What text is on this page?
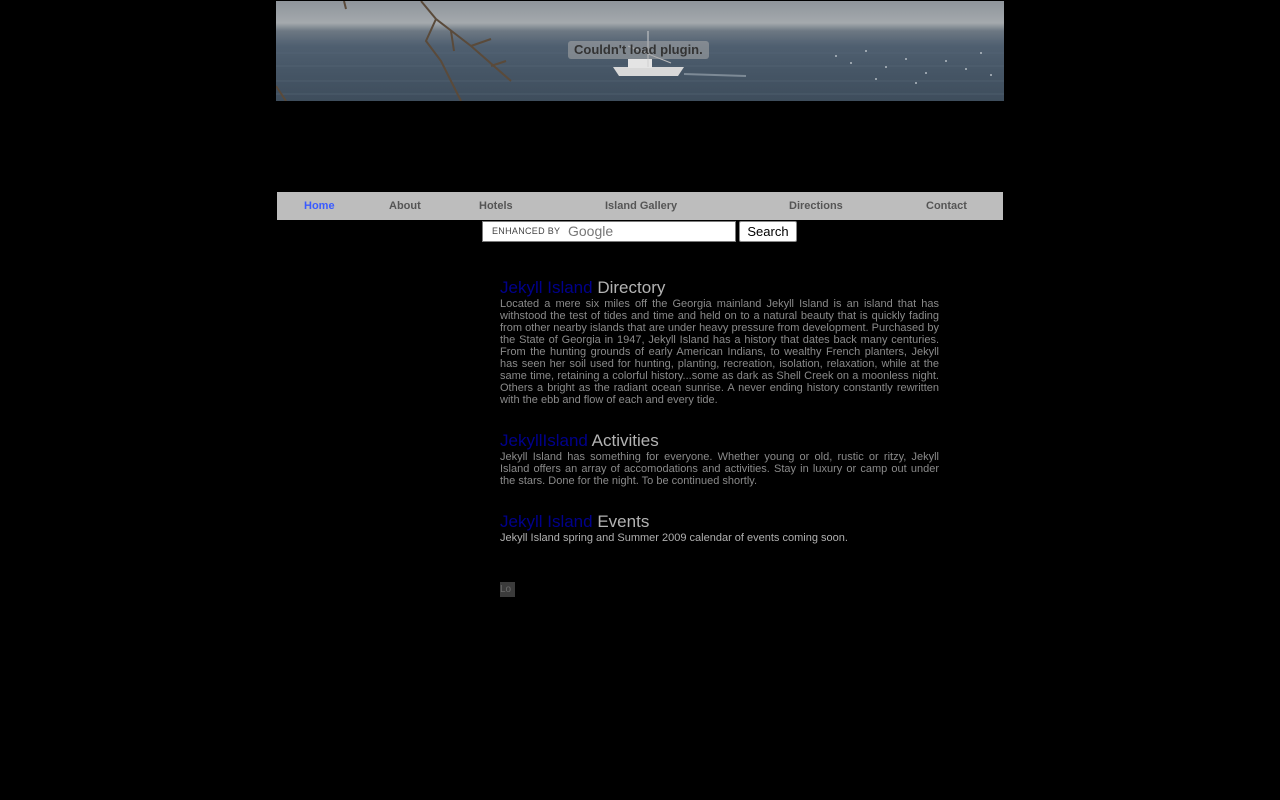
Couldn't load plugin.
Home	About	Hotels	Island Gallery	Directions	Contact
ENHANCED BY Google	Search
Jekyll Island Directory

Located a mere six miles off the Georgia mainland Jekyll Island is an island that has withstood the test of tides and time and held on to a natural beauty that is quickly fading from other nearby islands that are under heavy pressure from development. Purchased by the State of Georgia in 1947, Jekyll Island has a history that dates back many centuries. From the hunting grounds of early American Indians, to wealthy French planters, Jekyll has seen her soil used for hunting, planting, recreation, isolation, relaxation, while at the same time, retaining a colorful history...some as dark as Shell Creek on a moonless night. Others a bright as the radiant ocean sunrise. A never ending history constantly rewritten with the ebb and flow of each and every tide.

JekyllIsland Activities

Jekyll Island has something for everyone. Whether young or old, rustic or ritzy, Jekyll Island offers an array of accomodations and activities. Stay in luxury or camp out under the stars. Done for the night. To be continued shortly.

Jekyll Island Events

Jekyll Island spring and Summer 2009 calendar of events coming soon.

Lo
